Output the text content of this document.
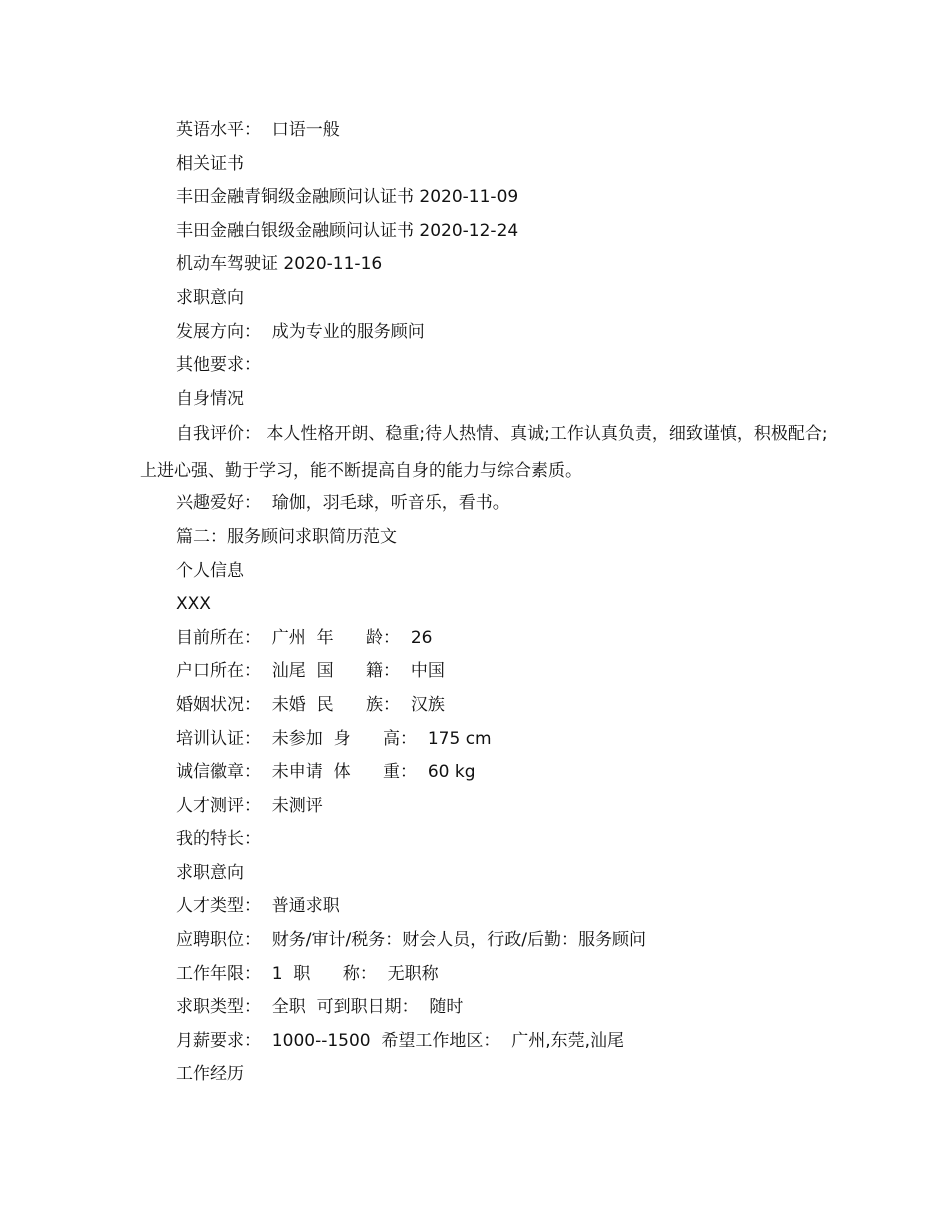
英语水平：  口语一般
相关证书
丰田金融青铜级金融顾问认证书 2020-11-09
丰田金融白银级金融顾问认证书 2020-12-24
机动车驾驶证 2020-11-16
求职意向
发展方向：  成为专业的服务顾问
其他要求：
自身情况
自我评价： 本人性格开朗、稳重;待人热情、真诚;工作认真负责，细致谨慎，积极配合;上进心强、勤于学习，能不断提高自身的能力与综合素质。
兴趣爱好：  瑜伽，羽毛球，听音乐，看书。
篇二：服务顾问求职简历范文
个人信息
XXX
目前所在：  广州  年      龄：  26
户口所在：  汕尾  国      籍：  中国
婚姻状况：  未婚  民      族：  汉族
培训认证：  未参加  身      高：  175 cm
诚信徽章：  未申请  体      重：  60 kg
人才测评：  未测评
我的特长：
求职意向
人才类型：  普通求职
应聘职位：  财务/审计/税务：财会人员，行政/后勤：服务顾问
工作年限：  1  职      称：  无职称
求职类型：  全职  可到职日期：  随时
月薪要求：  1000--1500  希望工作地区：  广州,东莞,汕尾
工作经历
